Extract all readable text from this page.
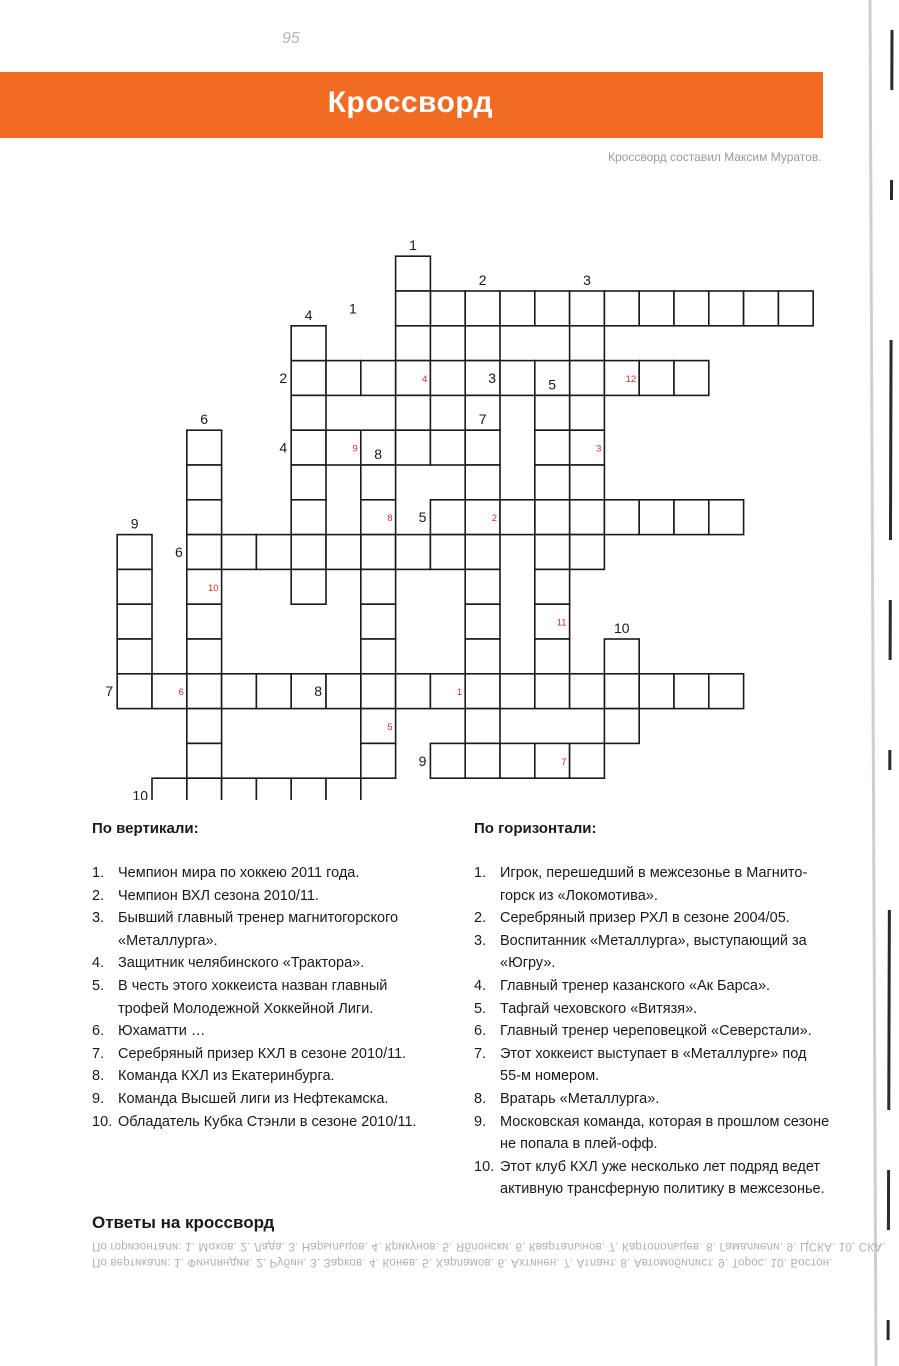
95
Кроссворд
Кроссворд составил Максим Муратов.
1
2	3
1
4
2	3	5
4
6	7
8
5
9
6
10
7	8
9
10
4	12
9	3
8	2
10
11
6	1
5
7
По вертикали:	По горизонтали:
1. Чемпион мира по хоккею 2011 года.
2. Чемпион ВХЛ сезона 2010/11.
3. Бывший главный тренер магнитогорского «Металлурга».
4. Защитник челябинского «Трактора».
5. В честь этого хоккеиста назван главный трофей Молодежной Хоккейной Лиги.
6. Юхаматти …
7. Серебряный призер КХЛ в сезоне 2010/11.
8. Команда КХЛ из Екатеринбурга.
9. Команда Высшей лиги из Нефтекамска.
10. Обладатель Кубка Стэнли в сезоне 2010/11.
1. Игрок, перешедший в межсезонье в Магнито-горск из «Локомотива».
2. Серебряный призер РХЛ в сезоне 2004/05.
3. Воспитанник «Металлурга», выступающий за «Югру».
4. Главный тренер казанского «Ак Барса».
5. Тафгай чеховского «Витязя».
6. Главный тренер череповецкой «Северстали».
7. Этот хоккеист выступает в «Металлурге» под 55-м номером.
8. Вратарь «Металлурга».
9. Московская команда, которая в прошлом сезоне не попала в плей-офф.
10. Этот клуб КХЛ уже несколько лет подряд ведет активную трансферную политику в межсезонье.
Ответы на кроссворд
По горизонтали: 1. Мохов. 2. Лада. 3. Нарыльцов. 4. Крикунов. 5. Яблонски. 6. Кваpталынов. 7. Картопольцев. 8. Гамалиели. 9. ЦСКА. 10. СКА.
По вертикали: 1. Финляндия. 2. Рубин. 3. Зарков. 4. Конев. 5. Харламов. 6. Ахтинен. 7. Атлант. 8. Автомобилист. 9. Торос. 10. Бостон.
